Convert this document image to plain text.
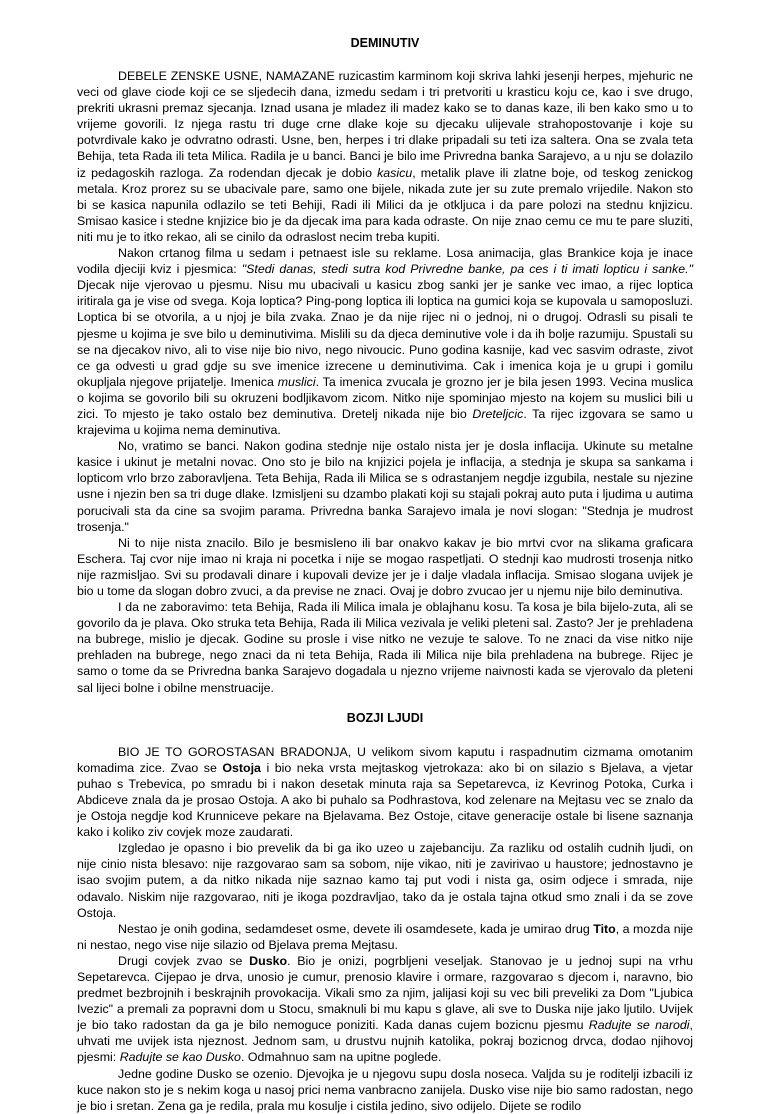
DEMINUTIV

DEBELE ZENSKE USNE, NAMAZANE ruzicastim karminom koji skriva lahki jesenji herpes, mjehuric ne veci od glave ciode koji ce se sljedecih dana, izmedu sedam i tri pretvoriti u krasticu koju ce, kao i sve drugo, prekriti ukrasni premaz sjecanja. Iznad usana je mladez ili madez kako se to danas kaze, ili ben kako smo u to vrijeme govorili. Iz njega rastu tri duge crne dlake koje su djecaku ulijevale strahopostovanje i koje su potvrdivale kako je odvratno odrasti. Usne, ben, herpes i tri dlake pripadali su teti iza saltera. Ona se zvala teta Behija, teta Rada ili teta Milica. Radila je u banci. Banci je bilo ime Privredna banka Sarajevo, a u nju se dolazilo iz pedagoskih razloga. Za rodendan djecak je dobio kasicu, metalik plave ili zlatne boje, od teskog zenickog metala. Kroz prorez su se ubacivale pare, samo one bijele, nikada zute jer su zute premalo vrijedile. Nakon sto bi se kasica napunila odlazilo se teti Behiji, Radi ili Milici da je otkljuca i da pare polozi na stednu knjizicu. Smisao kasice i stedne knjizice bio je da djecak ima para kada odraste. On nije znao cemu ce mu te pare sluziti, niti mu je to itko rekao, ali se cinilo da odraslost necim treba kupiti.

Nakon crtanog filma u sedam i petnaest isle su reklame. Losa animacija, glas Brankice koja je inace vodila djeciji kviz i pjesmica: "Stedi danas, stedi sutra kod Privredne banke, pa ces i ti imati lopticu i sanke." Djecak nije vjerovao u pjesmu. Nisu mu ubacivali u kasicu zbog sanki jer je sanke vec imao, a rijec loptica iritirala ga je vise od svega. Koja loptica? Ping-pong loptica ili loptica na gumici koja se kupovala u samoposluzi. Loptica bi se otvorila, a u njoj je bila zvaka. Znao je da nije rijec ni o jednoj, ni o drugoj. Odrasli su pisali te pjesme u kojima je sve bilo u deminutivima. Mislili su da djeca deminutive vole i da ih bolje razumiju. Spustali su se na djecakov nivo, ali to vise nije bio nivo, nego nivoucic. Puno godina kasnije, kad vec sasvim odraste, zivot ce ga odvesti u grad gdje su sve imenice izrecene u deminutivima. Cak i imenica koja je u grupi i gomilu okupljala njegove prijatelje. Imenica muslici. Ta imenica zvucala je grozno jer je bila jesen 1993. Vecina muslica o kojima se govorilo bili su okruzeni bodljikavom zicom. Nitko nije spominjao mjesto na kojem su muslici bili u zici. To mjesto je tako ostalo bez deminutiva. Dretelj nikada nije bio Dreteljcic. Ta rijec izgovara se samo u krajevima u kojima nema deminutiva.

No, vratimo se banci. Nakon godina stednje nije ostalo nista jer je dosla inflacija. Ukinute su metalne kasice i ukinut je metalni novac. Ono sto je bilo na knjizici pojela je inflacija, a stednja je skupa sa sankama i lopticom vrlo brzo zaboravljena. Teta Behija, Rada ili Milica se s odrastanjem negdje izgubila, nestale su njezine usne i njezin ben sa tri duge dlake. Izmisljeni su dzambo plakati koji su stajali pokraj auto puta i ljudima u autima porucivali sta da cine sa svojim parama. Privredna banka Sarajevo imala je novi slogan: "Stednja je mudrost trosenja."

Ni to nije nista znacilo. Bilo je besmisleno ili bar onakvo kakav je bio mrtvi cvor na slikama graficara Eschera. Taj cvor nije imao ni kraja ni pocetka i nije se mogao raspetljati. O stednji kao mudrosti trosenja nitko nije razmisljao. Svi su prodavali dinare i kupovali devize jer je i dalje vladala inflacija. Smisao slogana uvijek je bio u tome da slogan dobro zvuci, a da previse ne znaci. Ovaj je dobro zvucao jer u njemu nije bilo deminutiva.

I da ne zaboravimo: teta Behija, Rada ili Milica imala je oblajhanu kosu. Ta kosa je bila bijelo-zuta, ali se govorilo da je plava. Oko struka teta Behija, Rada ili Milica vezivala je veliki pleteni sal. Zasto? Jer je prehladena na bubrege, mislio je djecak. Godine su prosle i vise nitko ne vezuje te salove. To ne znaci da vise nitko nije prehladen na bubrege, nego znaci da ni teta Behija, Rada ili Milica nije bila prehladena na bubrege. Rijec je samo o tome da se Privredna banka Sarajevo dogadala u njezno vrijeme naivnosti kada se vjerovalo da pleteni sal lijeci bolne i obilne menstruacije.

BOZJI LJUDI

BIO JE TO GOROSTASAN BRADONJA, U velikom sivom kaputu i raspadnutim cizmama omotanim komadima zice. Zvao se Ostoja i bio neka vrsta mejtaskog vjetrokaza: ako bi on silazio s Bjelava, a vjetar puhao s Trebevica, po smradu bi i nakon desetak minuta raja sa Sepetarevca, iz Kevrinog Potoka, Curka i Abdiceve znala da je prosao Ostoja. A ako bi puhalo sa Podhrastova, kod zelenare na Mejtasu vec se znalo da je Ostoja negdje kod Krunniceve pekare na Bjelavama. Bez Ostoje, citave generacije ostale bi lisene saznanja kako i koliko ziv covjek moze zaudarati.

Izgledao je opasno i bio prevelik da bi ga iko uzeo u zajebanciju. Za razliku od ostalih cudnih ljudi, on nije cinio nista blesavo: nije razgovarao sam sa sobom, nije vikao, niti je zavirivao u haustore; jednostavno je isao svojim putem, a da nitko nikada nije saznao kamo taj put vodi i nista ga, osim odjece i smrada, nije odavalo. Niskim nije razgovarao, niti je ikoga pozdravljao, tako da je ostala tajna otkud smo znali i da se zove Ostoja.

Nestao je onih godina, sedamdeset osme, devete ili osamdesete, kada je umirao drug Tito, a mozda nije ni nestao, nego vise nije silazio od Bjelava prema Mejtasu.

Drugi covjek zvao se Dusko. Bio je onizi, pogrbljeni veseljak. Stanovao je u jednoj supi na vrhu Sepetarevca. Cijepao je drva, unosio je cumur, prenosio klavire i ormare, razgovarao s djecom i, naravno, bio predmet bezbrojnih i beskrajnih provokacija. Vikali smo za njim, jalijasi koji su vec bili preveliki za Dom "Ljubica Ivezic" a premali za popravni dom u Stocu, smaknuli bi mu kapu s glave, ali sve to Duska nije jako ljutilo. Uvijek je bio tako radostan da ga je bilo nemoguce poniziti. Kada danas cujem bozicnu pjesmu Radujte se narodi, uhvati me uvijek ista njeznost. Jednom sam, u drustvu nujnih katolika, pokraj bozicnog drvca, dodao njihovoj pjesmi: Radujte se kao Dusko. Odmahnuo sam na upitne poglede.

Jedne godine Dusko se ozenio. Djevojka je u njegovu supu dosla noseca. Valjda su je roditelji izbacili iz kuce nakon sto je s nekim koga u nasoj prici nema vanbracno zanijela. Dusko vise nije bio samo radostan, nego je bio i sretan. Zena ga je redila, prala mu kosulje i cistila jedino, sivo odijelo. Dijete se rodilo
